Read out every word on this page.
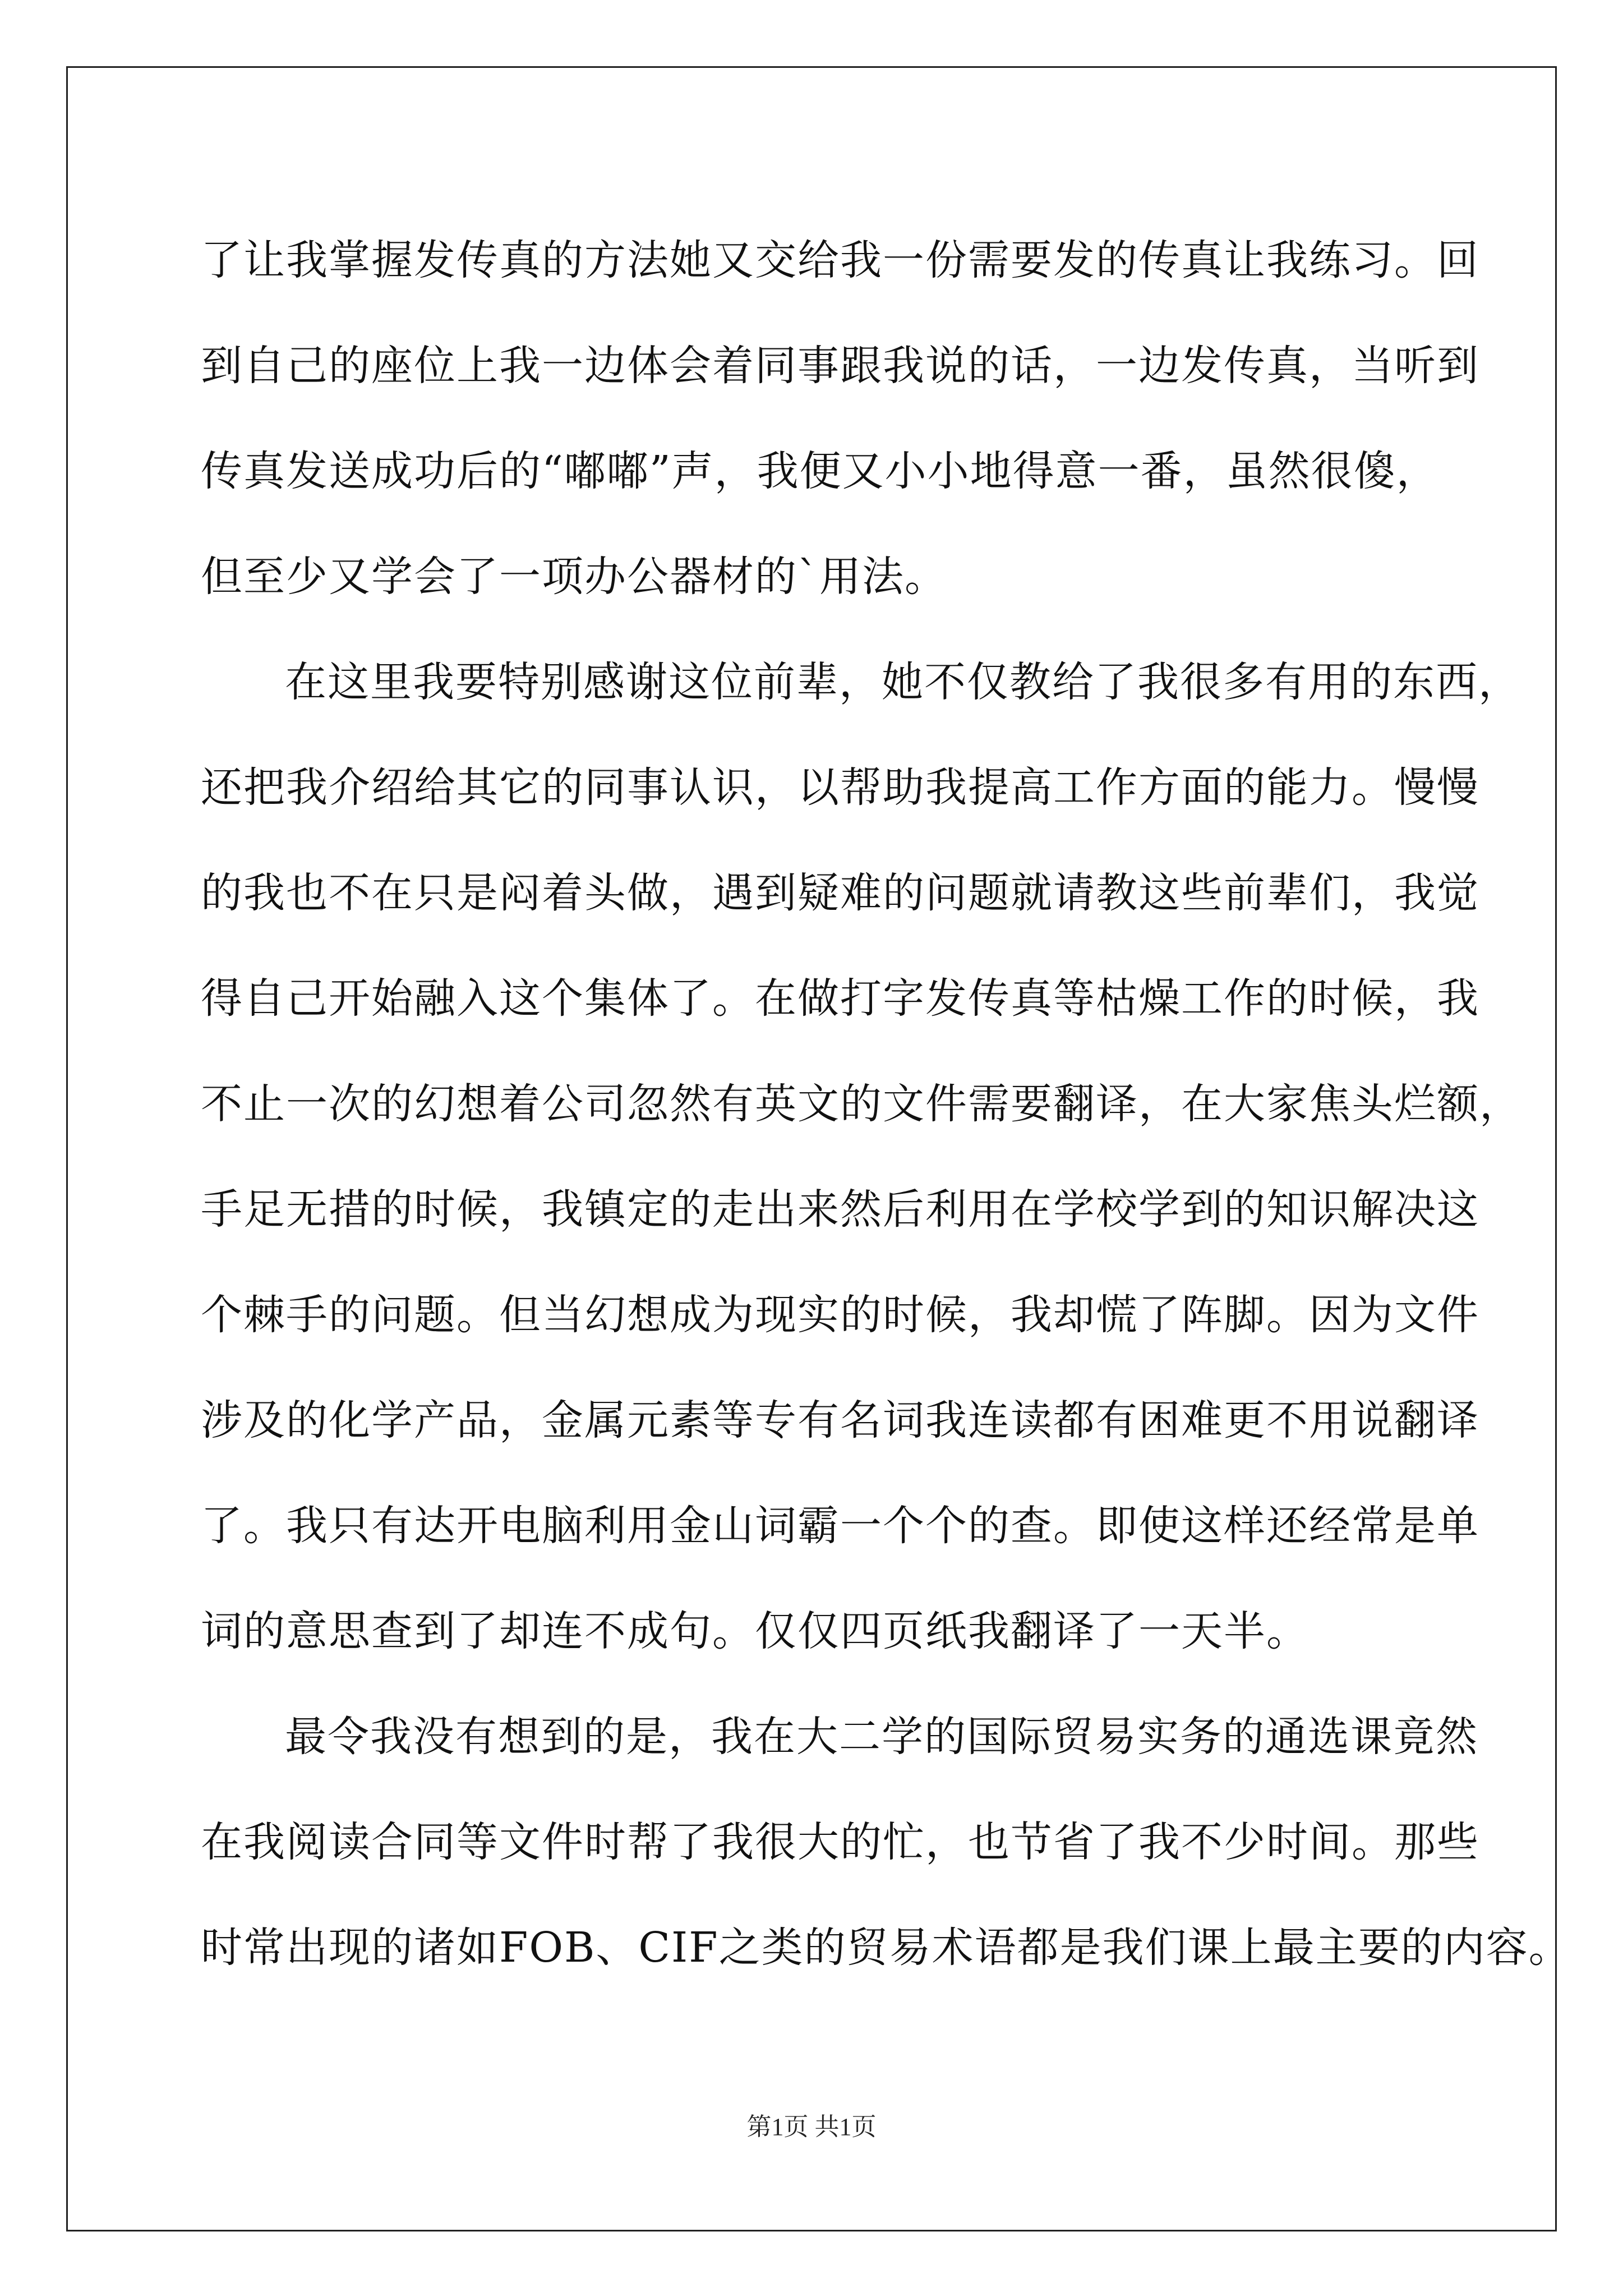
了让我掌握发传真的方法她又交给我一份需要发的传真让我练习。回
到自己的座位上我一边体会着同事跟我说的话，一边发传真，当听到
传真发送成功后的“嘟嘟”声，我便又小小地得意一番，虽然很傻，
但至少又学会了一项办公器材的`用法。
在这里我要特别感谢这位前辈，她不仅教给了我很多有用的东西，
还把我介绍给其它的同事认识，以帮助我提高工作方面的能力。慢慢
的我也不在只是闷着头做，遇到疑难的问题就请教这些前辈们，我觉
得自己开始融入这个集体了。在做打字发传真等枯燥工作的时候，我
不止一次的幻想着公司忽然有英文的文件需要翻译，在大家焦头烂额，
手足无措的时候，我镇定的走出来然后利用在学校学到的知识解决这
个棘手的问题。但当幻想成为现实的时候，我却慌了阵脚。因为文件
涉及的化学产品，金属元素等专有名词我连读都有困难更不用说翻译
了。我只有达开电脑利用金山词霸一个个的查。即使这样还经常是单
词的意思查到了却连不成句。仅仅四页纸我翻译了一天半。
最令我没有想到的是，我在大二学的国际贸易实务的通选课竟然
在我阅读合同等文件时帮了我很大的忙，也节省了我不少时间。那些
时常出现的诸如FOB、CIF之类的贸易术语都是我们课上最主要的内容。
第1页 共1页
